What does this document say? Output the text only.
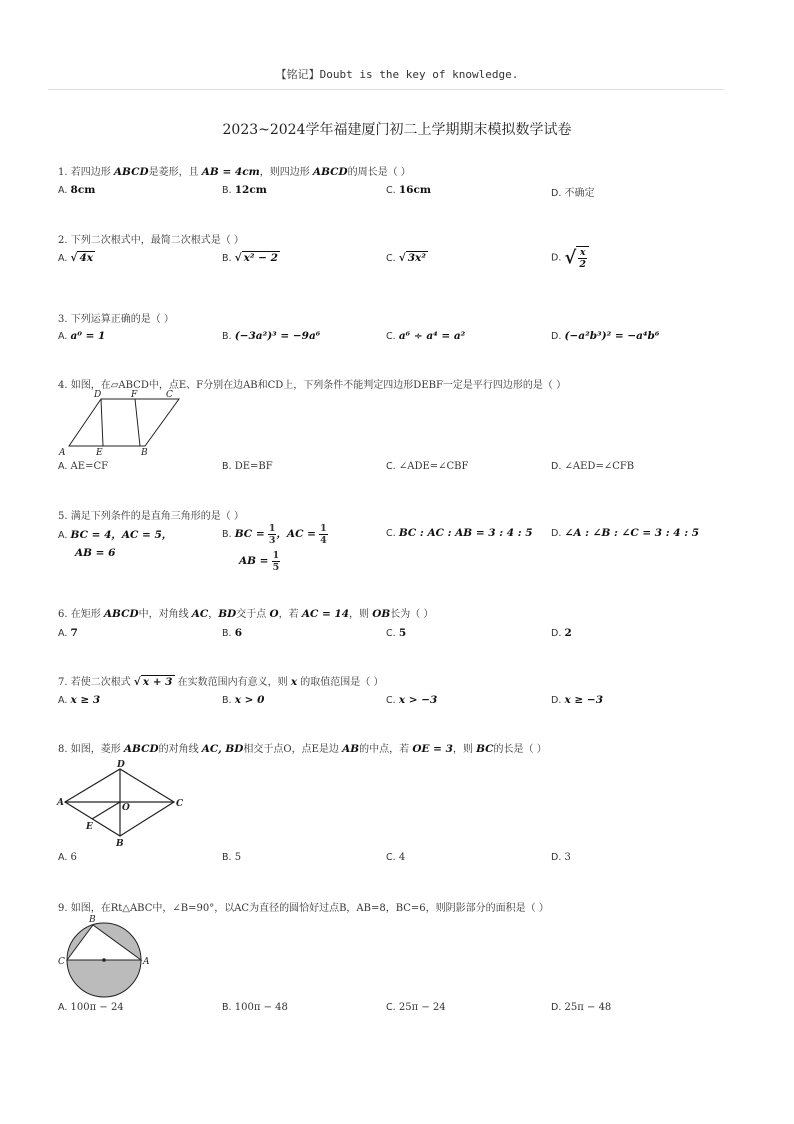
【铭记】Doubt is the key of knowledge.
2023~2024学年福建厦门初二上学期期末模拟数学试卷
1. 若四边形 ABCD是菱形，且 AB = 4cm，则四边形 ABCD的周长是（ ）
A. 8cm	B. 12cm	C. 16cm	D. 不确定
2. 下列二次根式中，最简二次根式是（ ）
A. √ 4x	B. √ x² − 2	C. √ 3x²	D. √ $\frac{x}{2}$
3. 下列运算正确的是（ ）
A. a⁰ = 1	B. (−3a²)³ = −9a⁶	C. a⁶ ÷ a⁴ = a²	D. (−a²b³)² = −a⁴b⁶
4. 如图，在▱ABCD中，点E、F分别在边AB和CD上，下列条件不能判定四边形DEBF一定是平行四边形的是（ ）
D	F	C
A	E	B
A. AE=CF	B. DE=BF	C. ∠ADE=∠CBF	D. ∠AED=∠CFB
5. 满足下列条件的是直角三角形的是（ ）
A. BC = 4，AC = 5，
AB = 6
B. BC = $\frac{1}{3}$ ，AC = $\frac{1}{4}$
AB = $\frac{1}{5}$
C. BC : AC : AB = 3 : 4 : 5 D. ∠A : ∠B : ∠C = 3 : 4 : 5
6. 在矩形 ABCD中，对角线 AC，BD交于点 O，若 AC = 14，则 OB长为（ ）
A. 7	B. 6	C. 5	D. 2
7. 若使二次根式 √ x + 3 在实数范围内有意义，则 x 的取值范围是（ ）
A. x ≥ 3	B. x > 0	C. x > −3	D. x ≥ −3
8. 如图，菱形 ABCD的对角线 AC, BD相交于点O，点E是边 AB的中点，若 OE = 3，则 BC的长是（ ）
D
A	O	C
E
B
A. 6	B. 5	C. 4	D. 3
9. 如图，在Rt△ABC中，∠B=90°，以AC为直径的圆恰好过点B，AB=8，BC=6，则阴影部分的面积是（ ）
B
C	A
A. 100π − 24	B. 100π − 48	C. 25π − 24	D. 25π − 48
